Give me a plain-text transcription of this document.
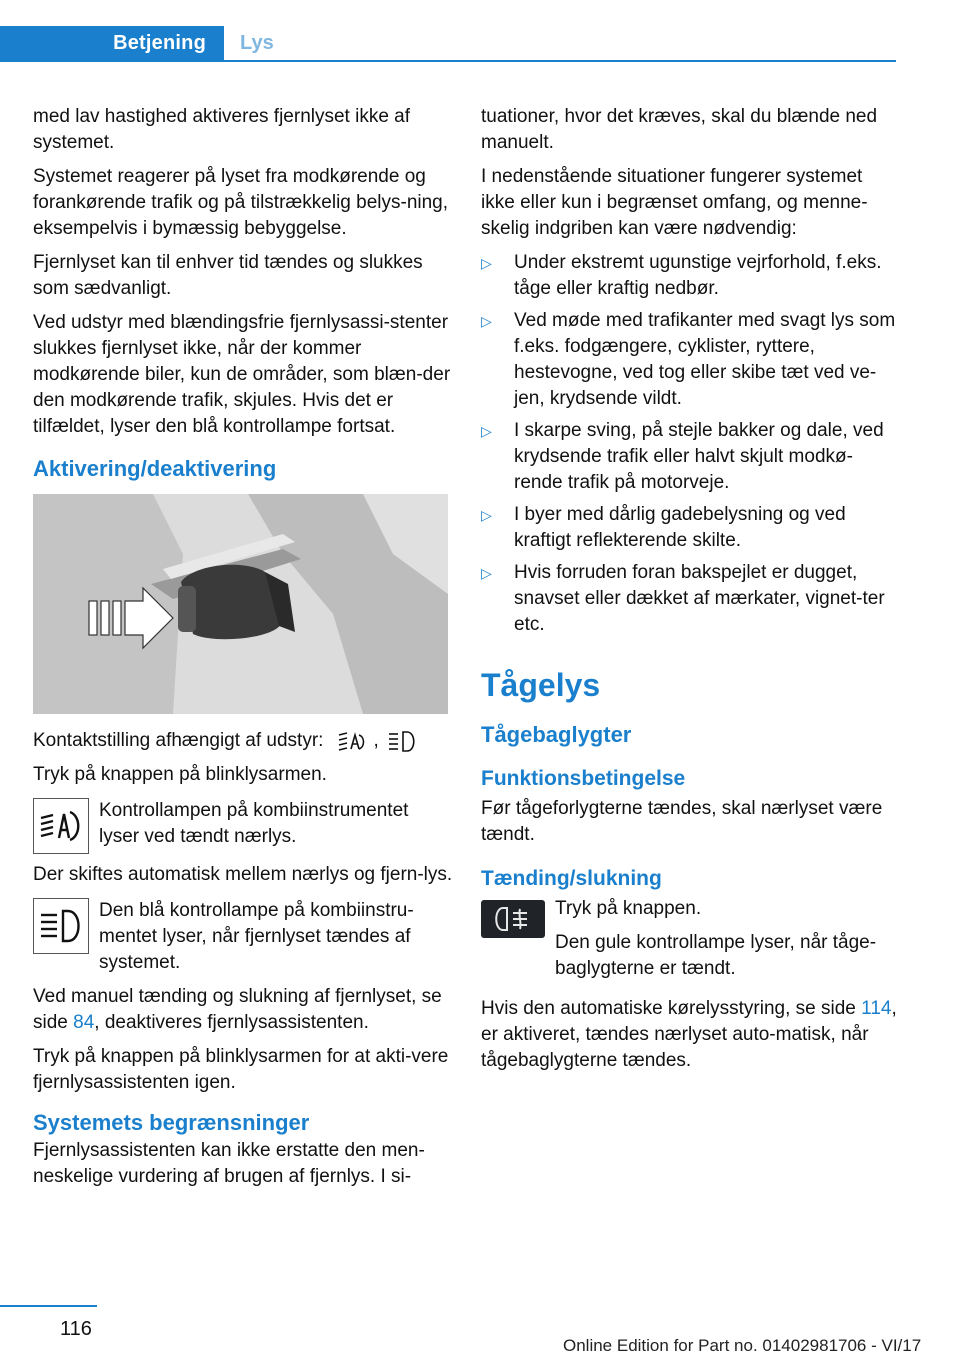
Betjening Lys

med lav hastighed aktiveres fjernlyset ikke af systemet.

Systemet reagerer på lyset fra modkørende og forankørende trafik og på tilstrækkelig belys-ning, eksempelvis i bymæssig bebyggelse.

Fjernlyset kan til enhver tid tændes og slukkes som sædvanligt.

Ved udstyr med blændingsfrie fjernlysassi-stenter slukkes fjernlyset ikke, når der kommer modkørende biler, kun de områder, som blæn-der den modkørende trafik, skjules. Hvis det er tilfældet, lyser den blå kontrollampe fortsat.

Aktivering/deaktivering

Kontaktstilling afhængigt af udstyr:	,

Tryk på knappen på blinklysarmen.

Kontrollampen på kombiinstrumentet lyser ved tændt nærlys.

Der skiftes automatisk mellem nærlys og fjern-lys.

Den blå kontrollampe på kombiinstru-mentet lyser, når fjernlyset tændes af systemet.

Ved manuel tænding og slukning af fjernlyset, se side 84, deaktiveres fjernlysassistenten.

Tryk på knappen på blinklysarmen for at akti-vere fjernlysassistenten igen.

Systemets begrænsninger

Fjernlysassistenten kan ikke erstatte den men-neskelige vurdering af brugen af fjernlys. I si-

tuationer, hvor det kræves, skal du blænde ned manuelt.

I nedenstående situationer fungerer systemet ikke eller kun i begrænset omfang, og menne-skelig indgriben kan være nødvendig:

▷ Under ekstremt ugunstige vejrforhold, f.eks. tåge eller kraftig nedbør.
▷ Ved møde med trafikanter med svagt lys som f.eks. fodgængere, cyklister, ryttere, hestevogne, ved tog eller skibe tæt ved ve-jen, krydsende vildt.
▷ I skarpe sving, på stejle bakker og dale, ved krydsende trafik eller halvt skjult modkø-rende trafik på motorveje.
▷ I byer med dårlig gadebelysning og ved kraftigt reflekterende skilte.
▷ Hvis forruden foran bakspejlet er dugget, snavset eller dækket af mærkater, vignet-ter etc.
Tågelys
Tågebaglygter
Funktionsbetingelse

Før tågeforlygterne tændes, skal nærlyset være tændt.

Tænding/slukning
Tryk på knappen.
Den gule kontrollampe lyser, når tåge-baglygterne er tændt.

Hvis den automatiske kørelysstyring, se side 114, er aktiveret, tændes nærlyset auto-matisk, når tågebaglygterne tændes.

116
Online Edition for Part no. 01402981706 - VI/17
